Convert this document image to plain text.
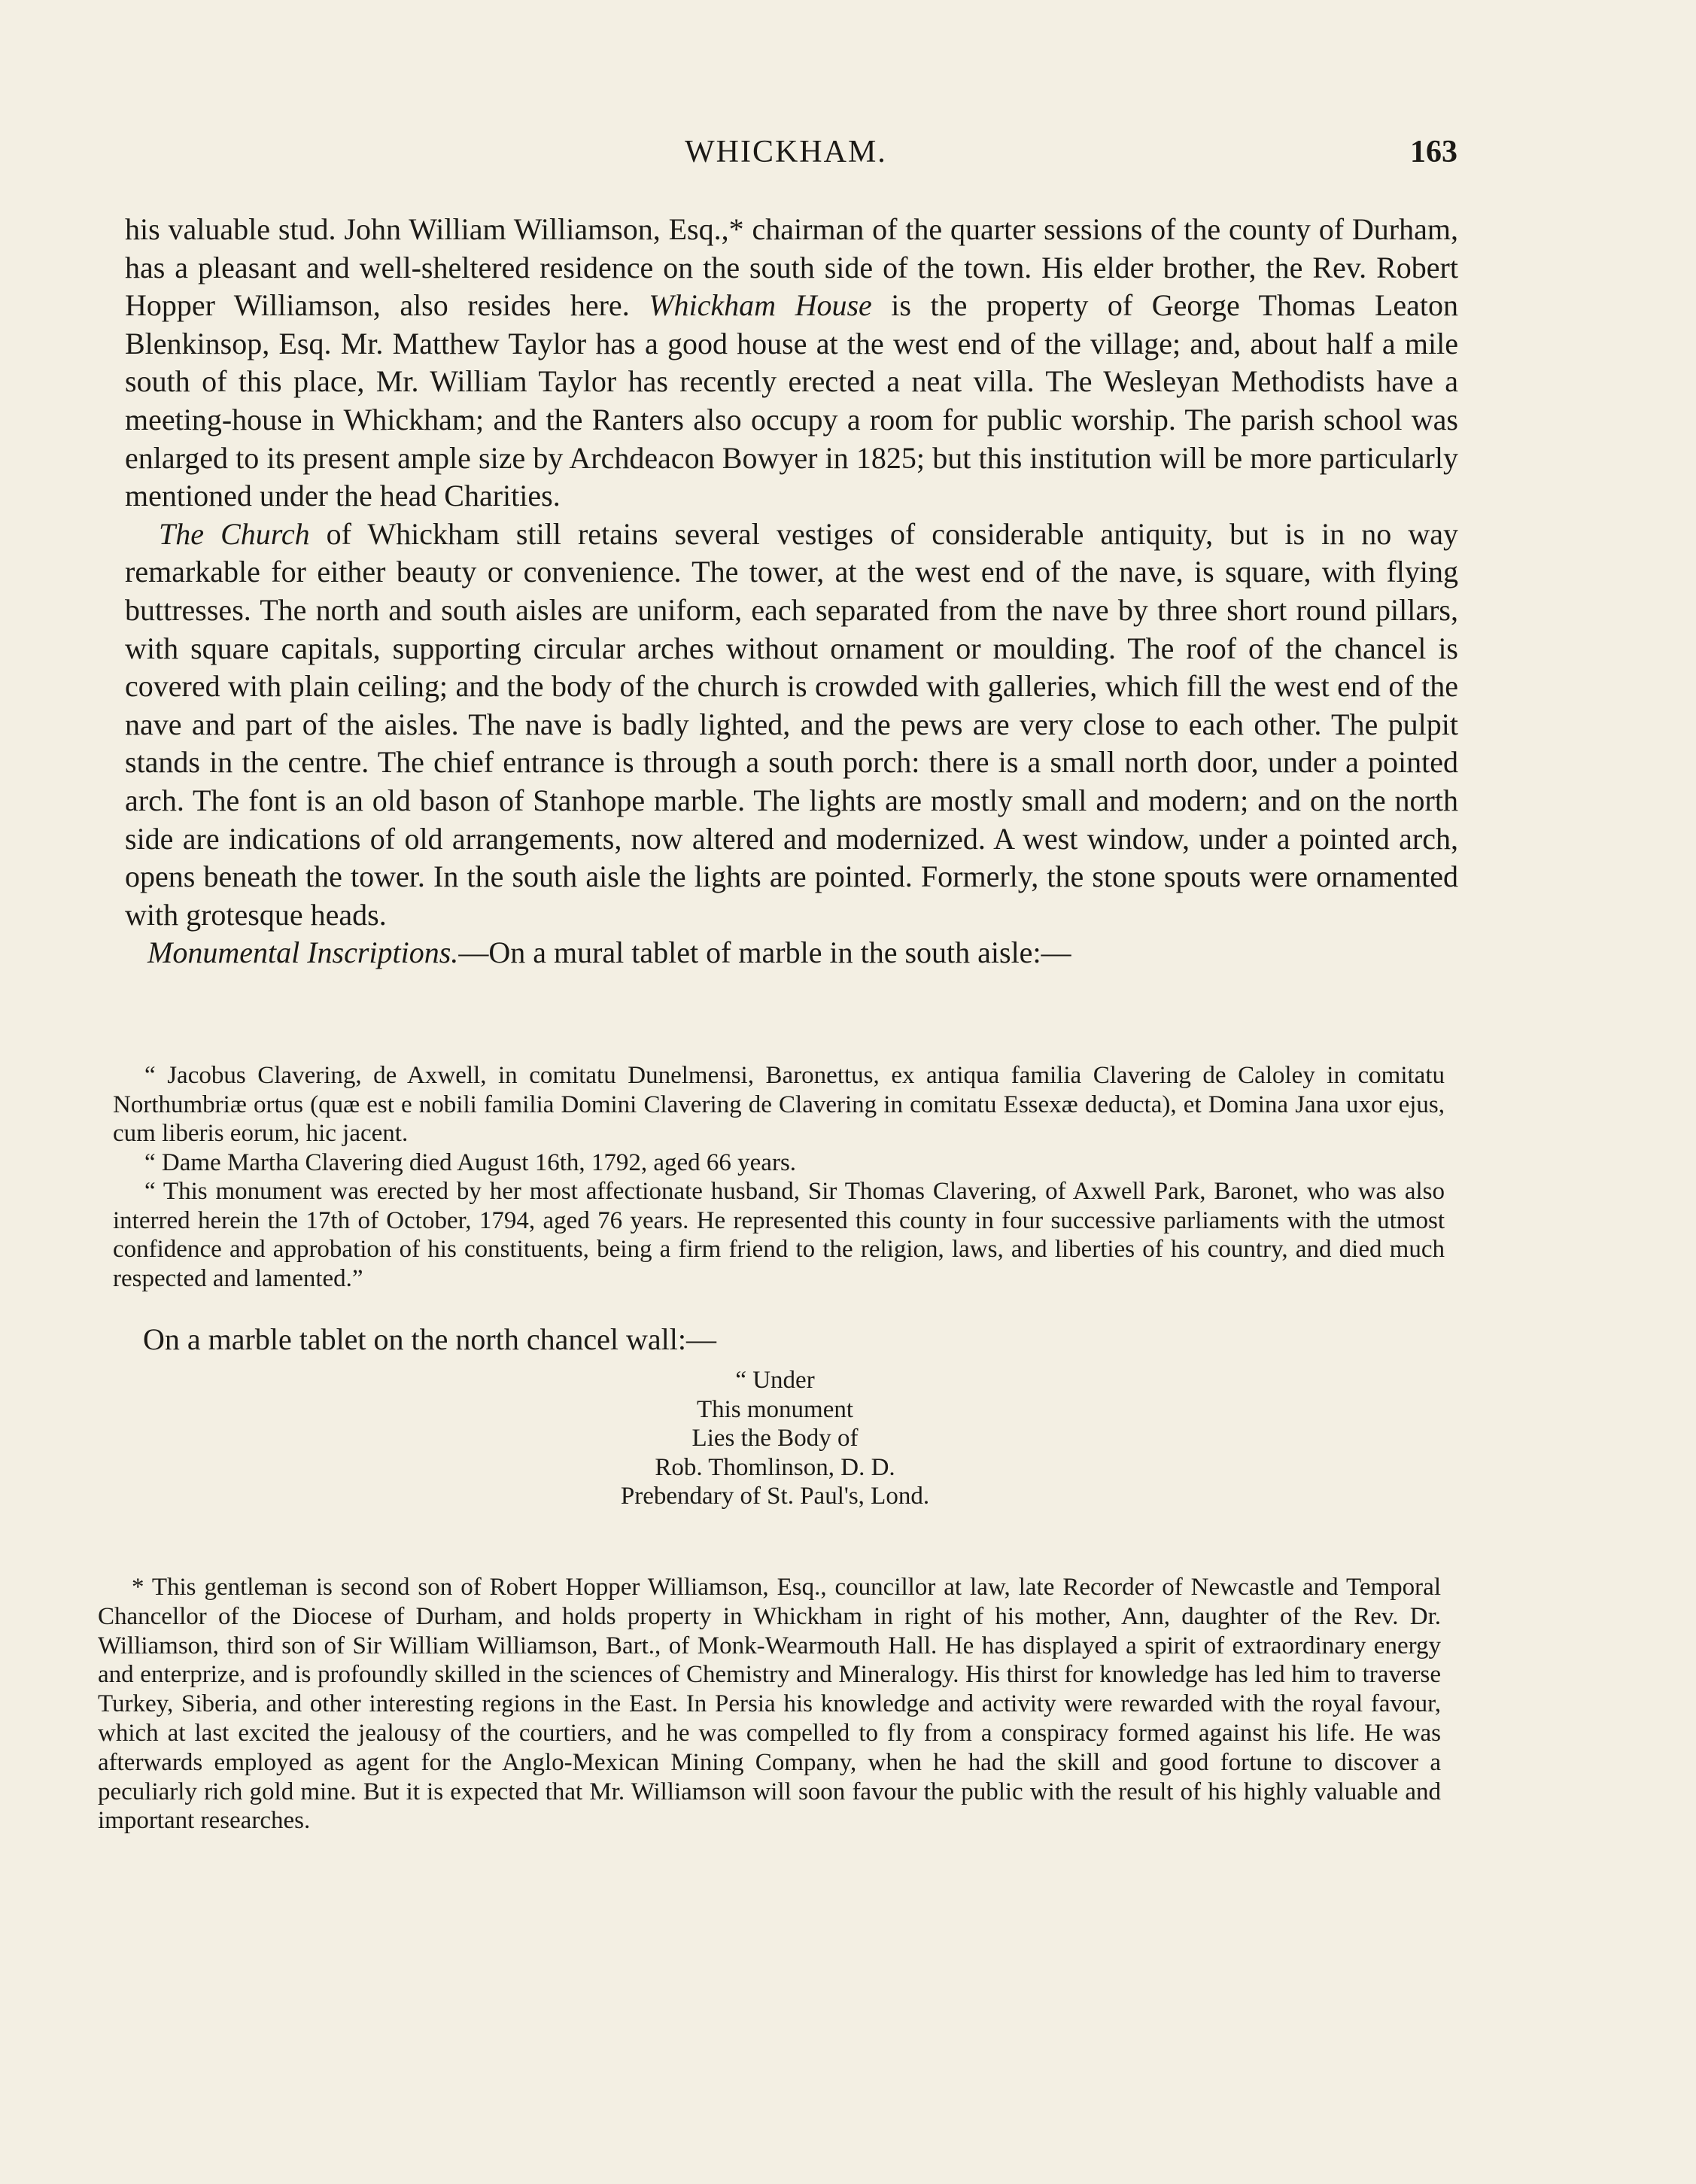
WHICKHAM.	163

his valuable stud. John William Williamson, Esq.,* chairman of the quarter sessions of the county of Durham, has a pleasant and well-sheltered residence on the south side of the town. His elder brother, the Rev. Robert Hopper Williamson, also resides here. Whickham House is the property of George Thomas Leaton Blenkinsop, Esq. Mr. Matthew Taylor has a good house at the west end of the village; and, about half a mile south of this place, Mr. William Taylor has recently erected a neat villa. The Wesleyan Methodists have a meeting-house in Whickham; and the Ranters also occupy a room for public worship. The parish school was enlarged to its present ample size by Archdeacon Bowyer in 1825; but this institution will be more particularly mentioned under the head Charities.

The Church of Whickham still retains several vestiges of considerable antiquity, but is in no way remarkable for either beauty or convenience. The tower, at the west end of the nave, is square, with flying buttresses. The north and south aisles are uniform, each separated from the nave by three short round pillars, with square capitals, supporting circular arches without ornament or moulding. The roof of the chancel is covered with plain ceiling; and the body of the church is crowded with galleries, which fill the west end of the nave and part of the aisles. The nave is badly lighted, and the pews are very close to each other. The pulpit stands in the centre. The chief entrance is through a south porch: there is a small north door, under a pointed arch. The font is an old bason of Stanhope marble. The lights are mostly small and modern; and on the north side are indications of old arrangements, now altered and modernized. A west window, under a pointed arch, opens beneath the tower. In the south aisle the lights are pointed. Formerly, the stone spouts were ornamented with grotesque heads.

Monumental Inscriptions.—On a mural tablet of marble in the south aisle:—

“ Jacobus Clavering, de Axwell, in comitatu Dunelmensi, Baronettus, ex antiqua familia Clavering de Caloley in comitatu Northumbriæ ortus (quæ est e nobili familia Domini Clavering de Clavering in comitatu Essexæ deducta), et Domina Jana uxor ejus, cum liberis eorum, hic jacent.

“ Dame Martha Clavering died August 16th, 1792, aged 66 years.

“ This monument was erected by her most affectionate husband, Sir Thomas Clavering, of Axwell Park, Baronet, who was also interred herein the 17th of October, 1794, aged 76 years. He represented this county in four successive parliaments with the utmost confidence and approbation of his constituents, being a firm friend to the religion, laws, and liberties of his country, and died much respected and lamented.”

On a marble tablet on the north chancel wall:—
“ Under
This monument
Lies the Body of
Rob. Thomlinson, D. D.
Prebendary of St. Paul's, Lond.

* This gentleman is second son of Robert Hopper Williamson, Esq., councillor at law, late Recorder of Newcastle and Temporal Chancellor of the Diocese of Durham, and holds property in Whickham in right of his mother, Ann, daughter of the Rev. Dr. Williamson, third son of Sir William Williamson, Bart., of Monk-Wearmouth Hall. He has displayed a spirit of extraordinary energy and enterprize, and is profoundly skilled in the sciences of Chemistry and Mineralogy. His thirst for knowledge has led him to traverse Turkey, Siberia, and other interesting regions in the East. In Persia his knowledge and activity were rewarded with the royal favour, which at last excited the jealousy of the courtiers, and he was compelled to fly from a conspiracy formed against his life. He was afterwards employed as agent for the Anglo-Mexican Mining Company, when he had the skill and good fortune to discover a peculiarly rich gold mine. But it is expected that Mr. Williamson will soon favour the public with the result of his highly valuable and important researches.
